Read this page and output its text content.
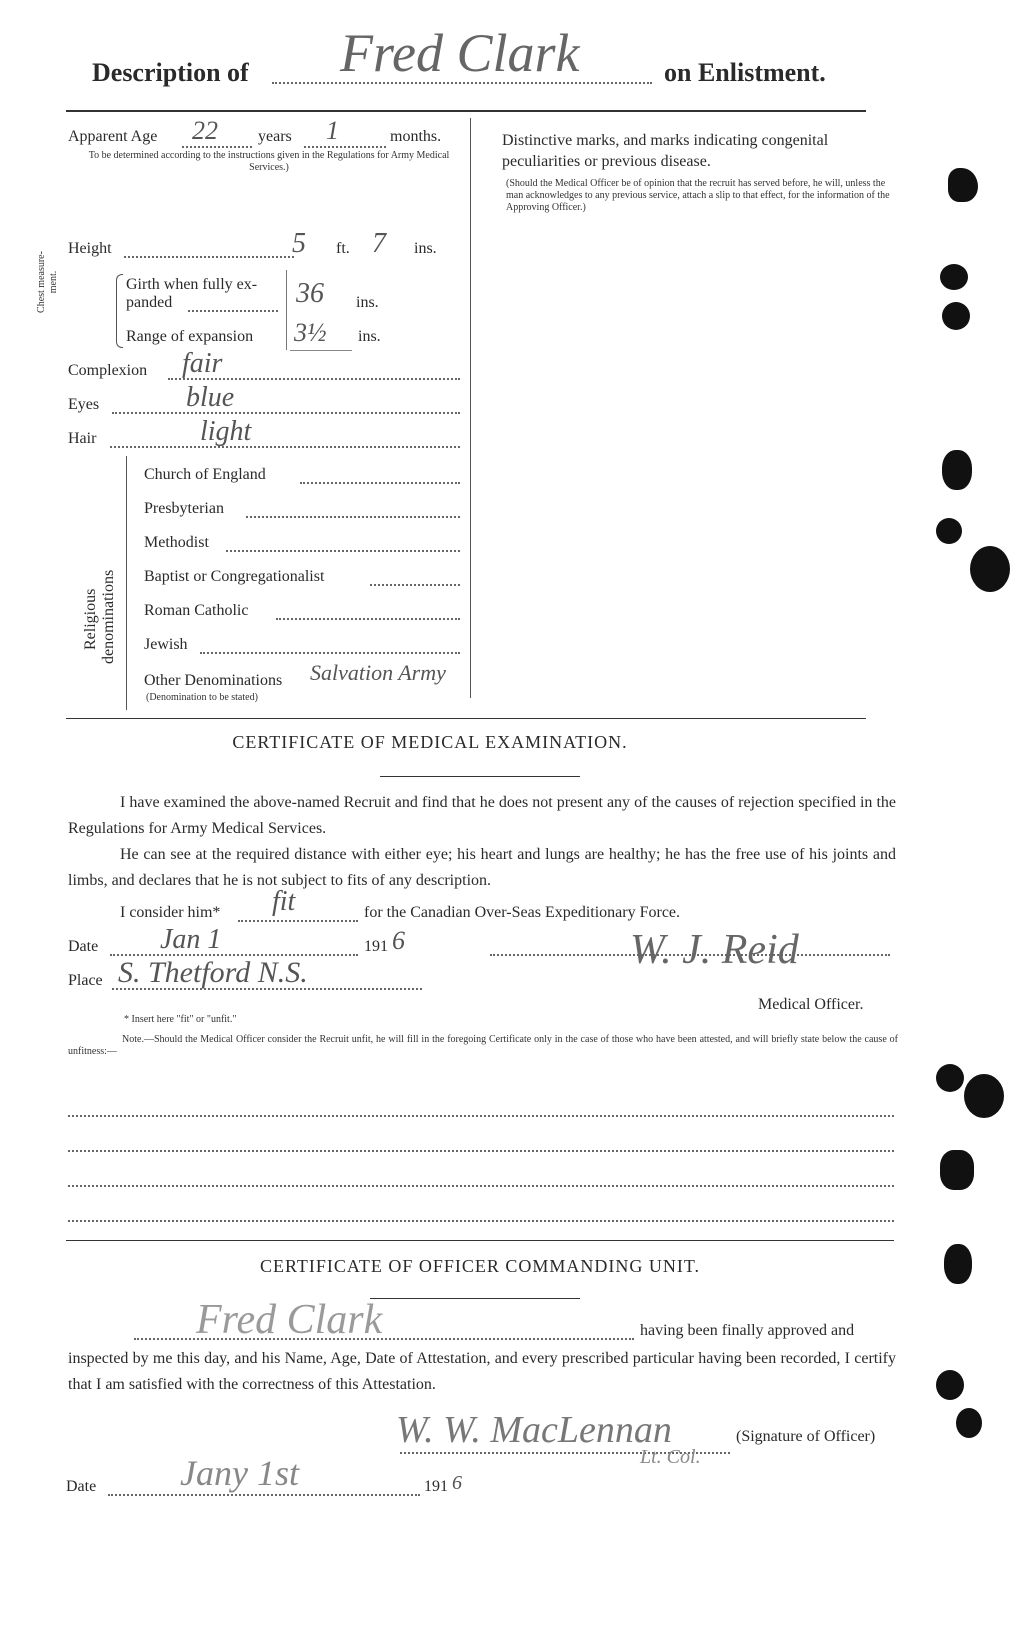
Description of Fred Clark	on Enlistment.
Apparent Age 22	years 1	months.
To be determined according to the instructions given in the Regulations for Army Medical Services.)
Distinctive marks, and marks indicating congenital peculiarities or previous disease.
(Should the Medical Officer be of opinion that the recruit has served before, he will, unless the man acknowledges to any previous service, attach a slip to that effect, for the information of the Approving Officer.)
Height	5 ft. 7 ins.
Chest measure-ment.	Girth when fully ex-
panded	36 ins.
Range of expansion 3½ ins.
Complexion fair
Eyes	blue
Hair	light
Religious denominations
Church of England
Presbyterian
Methodist
Baptist or Congregationalist
Roman Catholic
Jewish
Other Denominations
(Denomination to be stated)
Salvation Army
CERTIFICATE OF MEDICAL EXAMINATION.
I have examined the above-named Recruit and find that he does not present any of the causes of rejection specified in the Regulations for Army Medical Services.
He can see at the required distance with either eye; his heart and lungs are healthy; he has the free use of his joints and limbs, and declares that he is not subject to fits of any description.
I consider him* fit	for the Canadian Over-Seas Expeditionary Force.
Date Jan 1	191 6
Place S. Thetford N.S.	W. J. Reid
* Insert here "fit" or "unfit."
Medical Officer.
Note.—Should the Medical Officer consider the Recruit unfit, he will fill in the foregoing Certificate only in the case of those who have been attested, and will briefly state below the cause of unfitness:—
CERTIFICATE OF OFFICER COMMANDING UNIT.
Fred Clark	having been finally approved and
inspected by me this day, and his Name, Age, Date of Attestation, and every prescribed particular having been recorded, I certify that I am satisfied with the correctness of this Attestation.
W. W. MacLennan
Lt. Col.
(Signature of Officer)
Date Jany 1st	191 6
